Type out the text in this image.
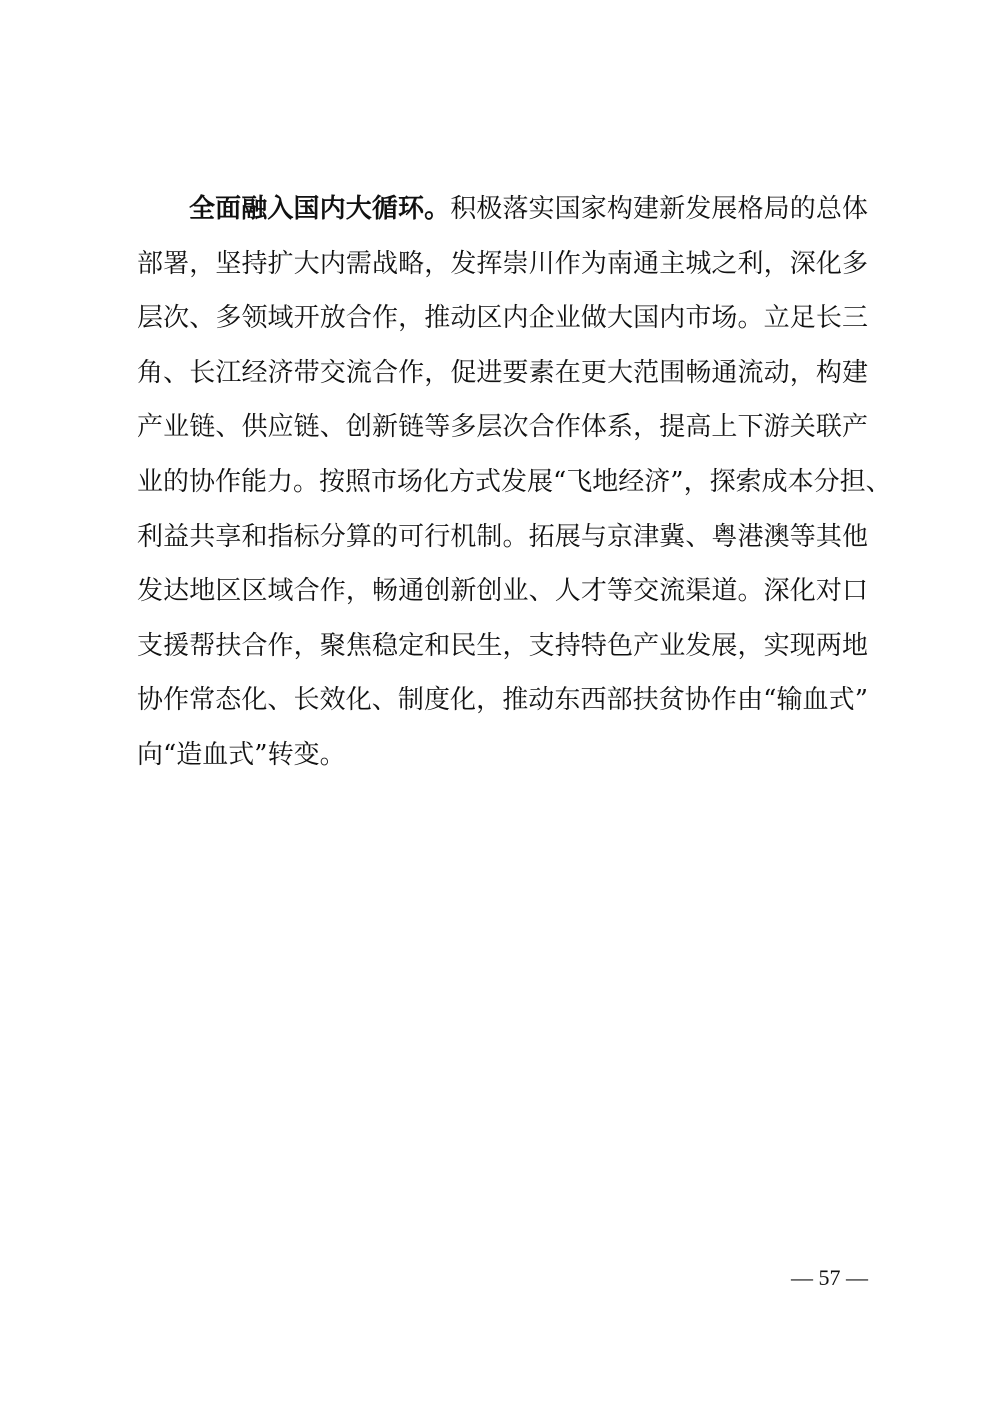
全面融入国内大循环。积极落实国家构建新发展格局的总体
部署，坚持扩大内需战略，发挥崇川作为南通主城之利，深化多
层次、多领域开放合作，推动区内企业做大国内市场。立足长三
角、长江经济带交流合作，促进要素在更大范围畅通流动，构建
产业链、供应链、创新链等多层次合作体系，提高上下游关联产
业的协作能力。按照市场化方式发展“飞地经济”，探索成本分担、
利益共享和指标分算的可行机制。拓展与京津冀、粤港澳等其他
发达地区区域合作，畅通创新创业、人才等交流渠道。深化对口
支援帮扶合作，聚焦稳定和民生，支持特色产业发展，实现两地
协作常态化、长效化、制度化，推动东西部扶贫协作由“输血式”
向“造血式”转变。
— 57 —
